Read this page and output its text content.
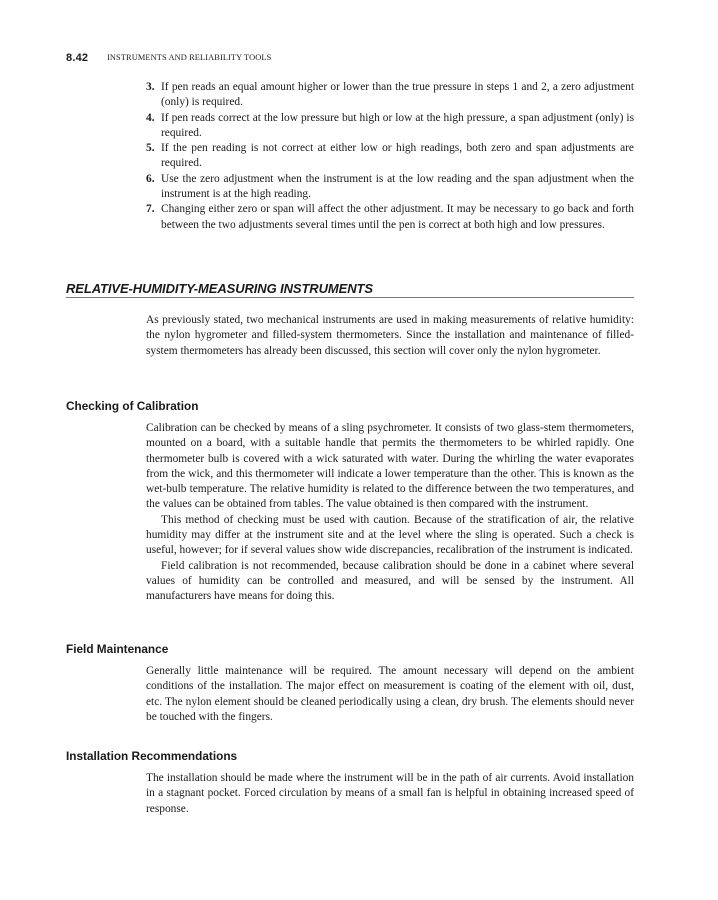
8.42 INSTRUMENTS AND RELIABILITY TOOLS
3. If pen reads an equal amount higher or lower than the true pressure in steps 1 and 2, a zero adjustment (only) is required.
4. If pen reads correct at the low pressure but high or low at the high pressure, a span adjustment (only) is required.
5. If the pen reading is not correct at either low or high readings, both zero and span adjustments are required.
6. Use the zero adjustment when the instrument is at the low reading and the span adjustment when the instrument is at the high reading.
7. Changing either zero or span will affect the other adjustment. It may be necessary to go back and forth between the two adjustments several times until the pen is correct at both high and low pressures.
RELATIVE-HUMIDITY-MEASURING INSTRUMENTS

As previously stated, two mechanical instruments are used in making measurements of relative humidity: the nylon hygrometer and filled-system thermometers. Since the installation and maintenance of filled-system thermometers has already been discussed, this section will cover only the nylon hygrometer.

Checking of Calibration

Calibration can be checked by means of a sling psychrometer. It consists of two glass-stem thermometers, mounted on a board, with a suitable handle that permits the thermometers to be whirled rapidly. One thermometer bulb is covered with a wick saturated with water. During the whirling the water evaporates from the wick, and this thermometer will indicate a lower temperature than the other. This is known as the wet-bulb temperature. The relative humidity is related to the difference between the two temperatures, and the values can be obtained from tables. The value obtained is then compared with the instrument.

This method of checking must be used with caution. Because of the stratification of air, the relative humidity may differ at the instrument site and at the level where the sling is operated. Such a check is useful, however; for if several values show wide discrepancies, recalibration of the instrument is indicated.

Field calibration is not recommended, because calibration should be done in a cabinet where several values of humidity can be controlled and measured, and will be sensed by the instrument. All manufacturers have means for doing this.

Field Maintenance

Generally little maintenance will be required. The amount necessary will depend on the ambient conditions of the installation. The major effect on measurement is coating of the element with oil, dust, etc. The nylon element should be cleaned periodically using a clean, dry brush. The elements should never be touched with the fingers.

Installation Recommendations

The installation should be made where the instrument will be in the path of air currents. Avoid installation in a stagnant pocket. Forced circulation by means of a small fan is helpful in obtaining increased speed of response.
